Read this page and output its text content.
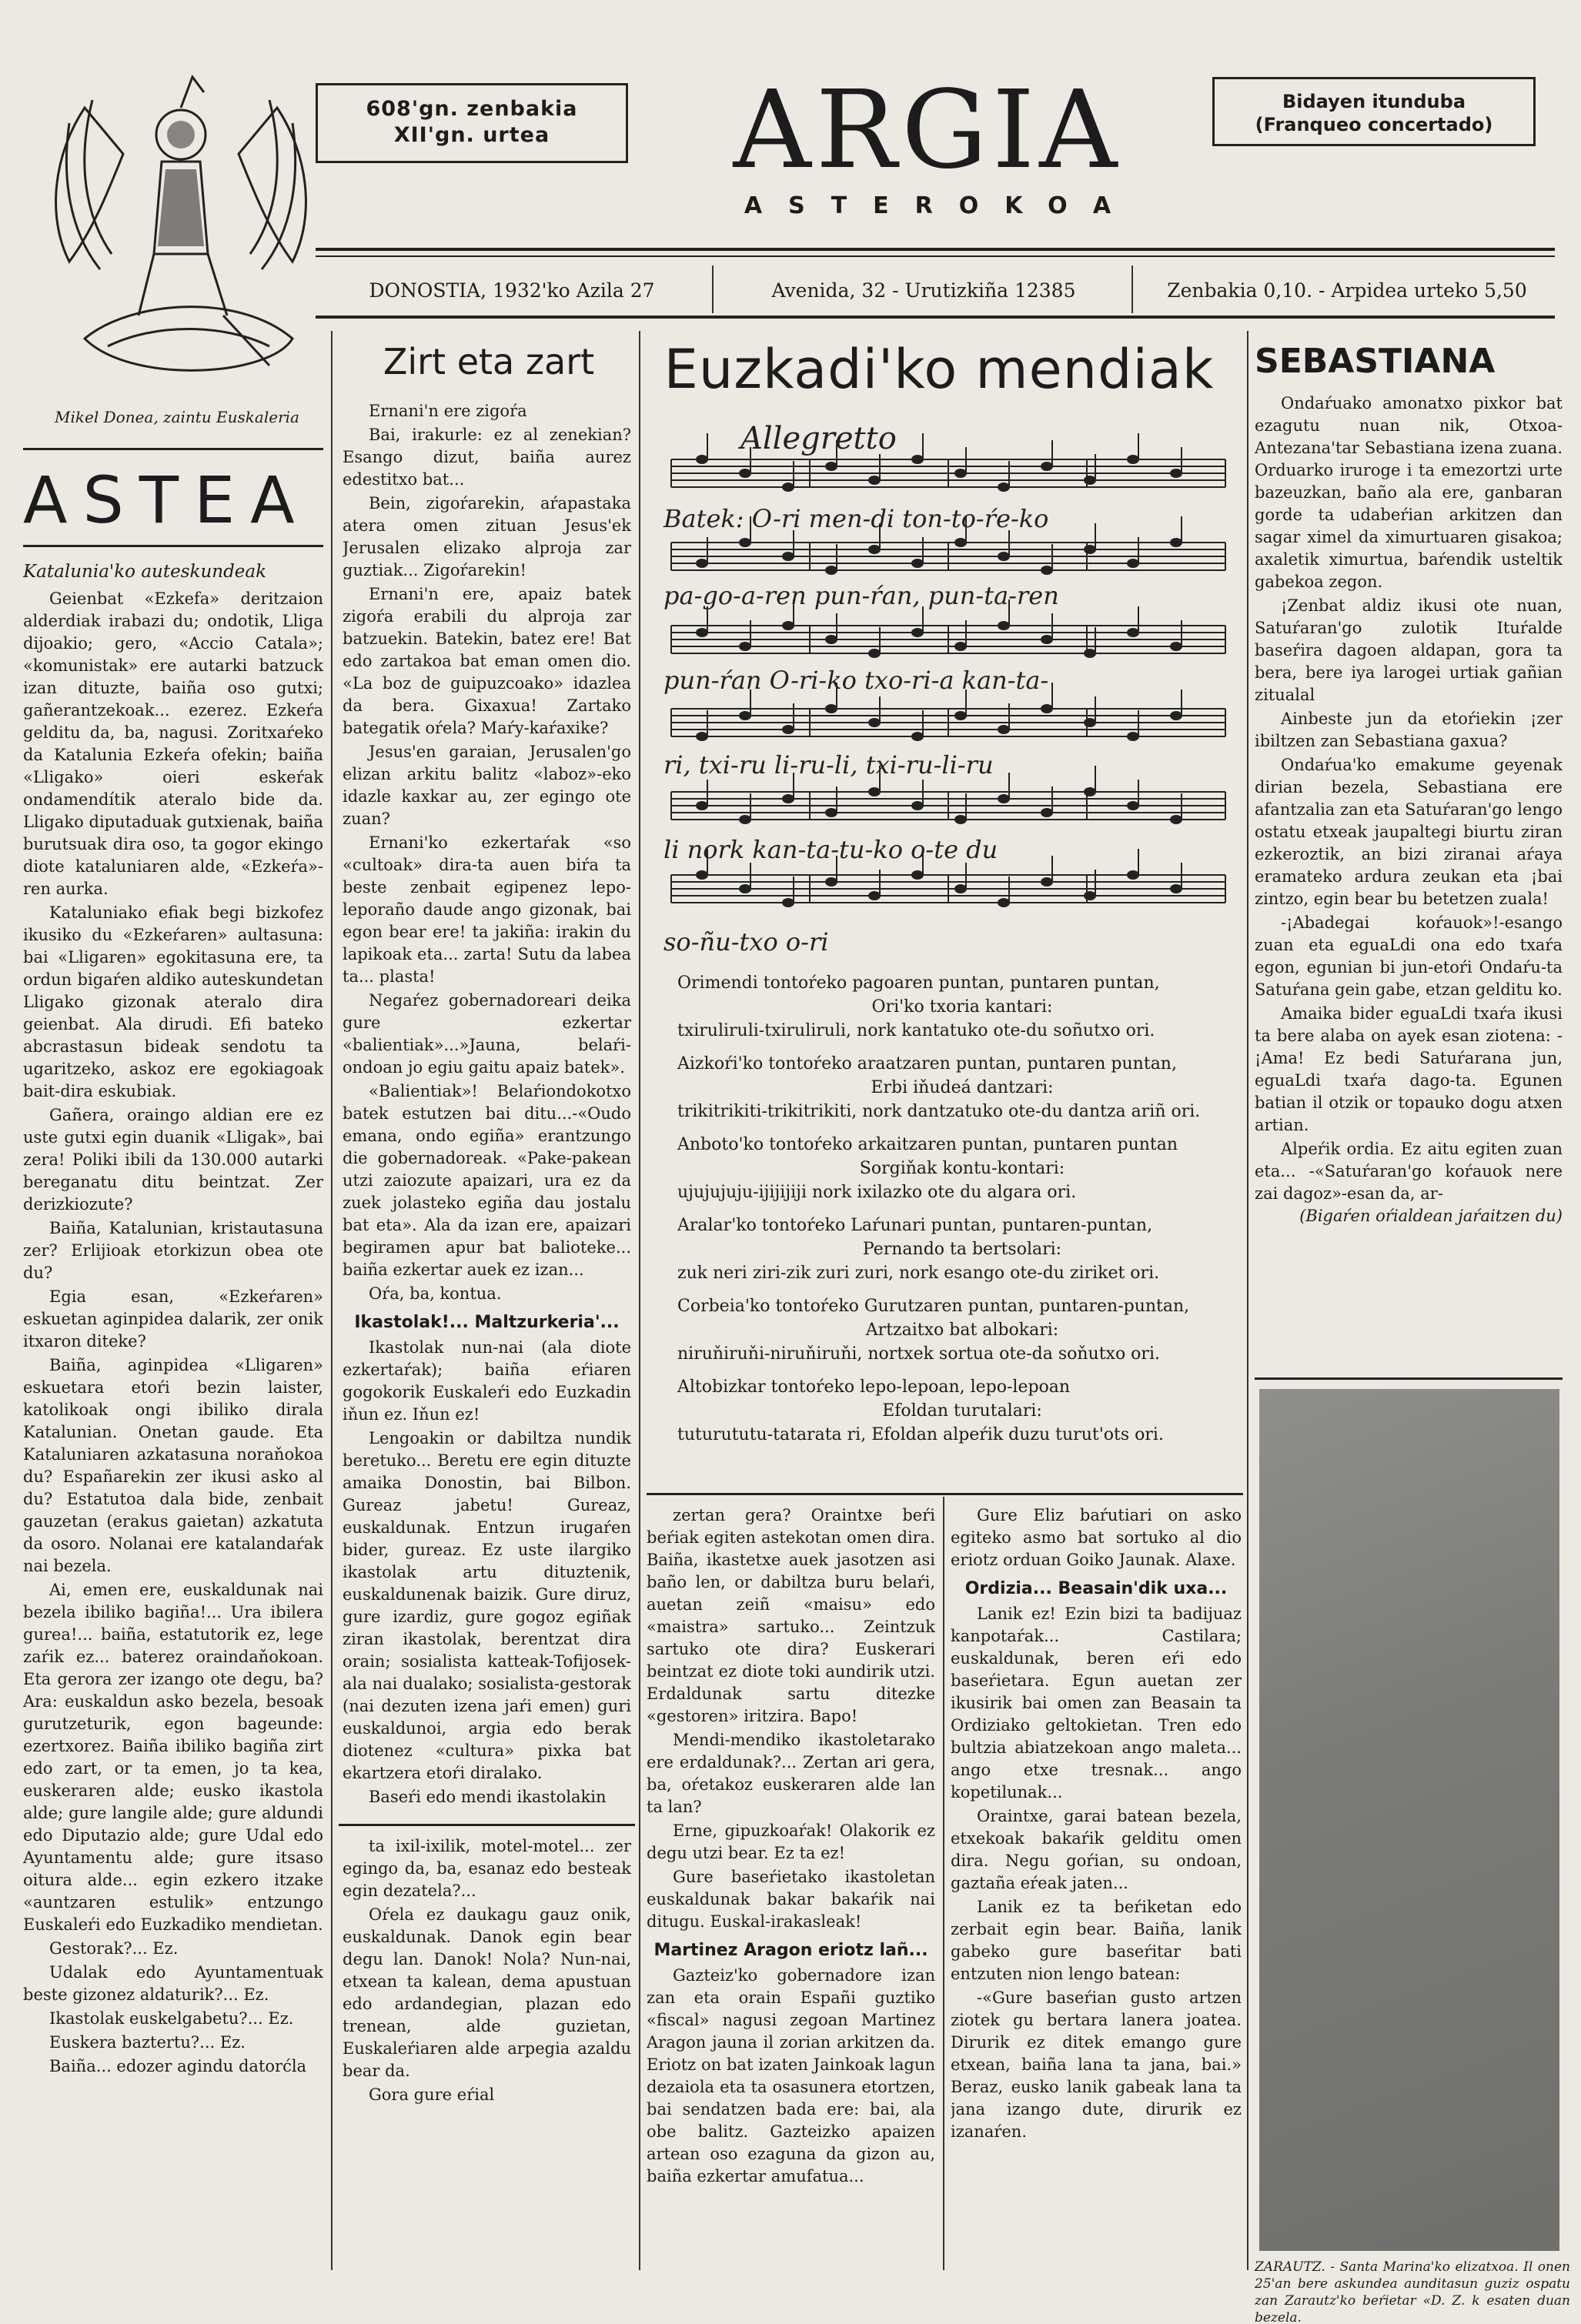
Mikel Donea, zaintu Euskaleria
608'gn. zenbakia
XII'gn. urtea	ARGIA
ASTEROKOA
Bidayen itunduba
(Franqueo concertado)
DONOSTIA, 1932'ko Azila 27	Avenida, 32 - Urutizkiña 12385	Zenbakia 0,10. - Arpidea urteko 5,50
ASTEA
Katalunia'ko auteskundeak
Geienbat «Ezkefa» deritzaion alderdiak irabazi du; ondotik, Lliga dijoakio; gero, «Accio Catala»; «komunistak» ere autarki batzuck izan dituzte, baiña oso gutxi; gañerantzekoak... ezerez. Ezkeŕa gelditu da, ba, nagusi. Zoritxaŕeko da Katalunia Ezkeŕa ofekin; baiña «Lligako» oieri eskeŕak ondamendítik ateralo bide da. Lligako diputaduak gutxienak, baiña burutsuak dira oso, ta gogor ekingo diote kataluniaren alde, «Ezkeŕa»-ren aurka.
Kataluniako efiak begi bizkofez ikusiko du «Ezkeŕaren» aultasuna: bai «Lligaren» egokitasuna ere, ta ordun bigaŕen aldiko auteskundetan Lligako gizonak ateralo dira geienbat. Ala dirudi. Efi bateko abcrastasun bideak sendotu ta ugaritzeko, askoz ere egokiagoak bait-dira eskubiak.
Gañera, oraingo aldian ere ez uste gutxi egin duanik «Lligak», bai zera! Poliki ibili da 130.000 autarki bereganatu ditu beintzat. Zer derizkiozute?
Baiña, Katalunian, kristautasuna zer? Erlijioak etorkizun obea ote du?
Egia esan, «Ezkeŕaren» eskuetan aginpidea dalarik, zer onik itxaron diteke?
Baiña, aginpidea «Lligaren» eskuetara etoŕi bezin laister, katolikoak ongi ibiliko dirala Katalunian. Onetan gaude. Eta Kataluniaren azkatasuna noraňokoa du? Españarekin zer ikusi asko al du? Estatutoa dala bide, zenbait gauzetan (erakus gaietan) azkatuta da osoro. Nolanai ere katalandaŕak nai bezela.
Ai, emen ere, euskaldunak nai bezela ibiliko bagiña!... Ura ibilera gurea!... baiña, estatutorik ez, lege zaŕik ez... baterez oraindaňokoan. Eta gerora zer izango ote degu, ba? Ara: euskaldun asko bezela, besoak gurutzeturik, egon bageunde: ezertxorez. Baiña ibiliko bagiña zirt edo zart, or ta emen, jo ta kea, euskeraren alde; eusko ikastola alde; gure langile alde; gure aldundi edo Diputazio alde; gure Udal edo Ayuntamentu alde; gure itsaso oitura alde... egin ezkero itzake «auntzaren estulik» entzungo Euskaleŕi edo Euzkadiko mendietan.
Gestorak?... Ez.
Udalak edo Ayuntamentuak beste gizonez aldaturik?... Ez.
Ikastolak euskelgabetu?... Ez.
Euskera baztertu?... Ez.
Baiña... edozer agindu datorćla
Zirt eta zart
Ernani'n ere zigoŕa
Bai, irakurle: ez al zenekian? Esango dizut, baiña aurez edestitxo bat...
Bein, zigoŕarekin, aŕapastaka atera omen zituan Jesus'ek Jerusalen elizako alproja zar guztiak... Zigoŕarekin!
Ernani'n ere, apaiz batek zigoŕa erabili du alproja zar batzuekin. Batekin, batez ere! Bat edo zartakoa bat eman omen dio. «La boz de guipuzcoako» idazlea da bera. Gixaxua! Zartako bategatik oŕela? Maŕy-kaŕaxike?
Jesus'en garaian, Jerusalen'go elizan arkitu balitz «laboz»-eko idazle kaxkar au, zer egingo ote zuan?
Ernani'ko ezkertaŕak «so «cultoak» dira-ta auen biŕa ta beste zenbait egipenez lepo-leporaño daude ango gizonak, bai egon bear ere! ta jakiña: irakin du lapikoak eta... zarta! Sutu da labea ta... plasta!
Negaŕez gobernadoreari deika gure ezkertar «balientiak»...»Jauna, belaŕi-ondoan jo egiu gaitu apaiz batek».
«Balientiak»! Belaŕiondokotxo batek estutzen bai ditu...-«Oudo emana, ondo egiña» erantzungo die gobernadoreak. «Pake-pakean utzi zaiozute apaizari, ura ez da zuek jolasteko egiña dau jostalu bat eta». Ala da izan ere, apaizari begiramen apur bat balioteke... baiña ezkertar auek ez izan...
Oŕa, ba, kontua.
Ikastolak!... Maltzurkeria'...
Ikastolak nun-nai (ala diote ezkertaŕak); baiña eŕiaren gogokorik Euskaleŕi edo Euzkadin iňun ez. Iňun ez!
Lengoakin or dabiltza nundik beretuko... Beretu ere egin dituzte amaika Donostin, bai Bilbon. Gureaz jabetu! Gureaz, euskaldunak. Entzun irugaŕen bider, gureaz. Ez uste ilargiko ikastolak artu dituztenik, euskaldunenak baizik. Gure diruz, gure izardiz, gure gogoz egiñak ziran ikastolak, berentzat dira orain; sosialista katteak-Tofijosek-ala nai dualako; sosialista-gestorak (nai dezuten izena jaŕi emen) guri euskaldunoi, argia edo berak diotenez «cultura» pixka bat ekartzera etoŕi diralako.
Baseŕi edo mendi ikastolakin
ta ixil-ixilik, motel-motel... zer egingo da, ba, esanaz edo besteak egin dezatela?...
Oŕela ez daukagu gauz onik, euskaldunak. Danok egin bear degu lan. Danok! Nola? Nun-nai, etxean ta kalean, dema apustuan edo ardandegian, plazan edo trenean, alde guzietan, Euskaleŕiaren alde arpegia azaldu bear da.
Gora gure eŕial
Euzkadi'ko mendiak
Allegretto
Batek: O-ri men-di ton-to-ŕe-ko
pa-go-a-ren pun-ŕan, pun-ta-ren
pun-ŕan O-ri-ko txo-ri-a kan-ta-
ri, txi-ru li-ru-li, txi-ru-li-ru
li nork kan-ta-tu-ko o-te du
so-ñu-txo o-ri
Orimendi tontoŕeko pagoaren puntan, puntaren puntan,
Ori'ko txoria kantari:
txiruliruli-txiruliruli, nork kantatuko ote-du soñutxo ori.
Aizkoŕi'ko tontoŕeko araatzaren puntan, puntaren puntan,
Erbi iňudeá dantzari:
trikitrikiti-trikitrikiti, nork dantzatuko ote-du dantza ariñ ori.
Anboto'ko tontoŕeko arkaitzaren puntan, puntaren puntan
Sorgiňak kontu-kontari:
ujujujuju-ijijijiji nork ixilazko ote du algara ori.
Aralar'ko tontoŕeko Laŕunari puntan, puntaren-puntan,
Pernando ta bertsolari:
zuk neri ziri-zik zuri zuri, nork esango ote-du ziriket ori.
Corbeia'ko tontoŕeko Gurutzaren puntan, puntaren-puntan,
Artzaitxo bat albokari:
niruňiruňi-niruňiruňi, nortxek sortua ote-da soňutxo ori.
Altobizkar tontoŕeko lepo-lepoan, lepo-lepoan
Efoldan turutalari:
tuturututu-tatarata ri, Efoldan alpeŕik duzu turut'ots ori.
zertan gera? Oraintxe beŕi beŕiak egiten astekotan omen dira. Baiña, ikastetxe auek jasotzen asi baño len, or dabiltza buru belaŕi, auetan zeiñ «maisu» edo «maistra» sartuko... Zeintzuk sartuko ote dira? Euskerari beintzat ez diote toki aundirik utzi. Erdaldunak sartu ditezke «gestoren» iritzira. Bapo!
Mendi-mendiko ikastoletarako ere erdaldunak?... Zertan ari gera, ba, oŕetakoz euskeraren alde lan ta lan?
Erne, gipuzkoaŕak! Olakorik ez degu utzi bear. Ez ta ez!
Gure baseŕietako ikastoletan euskaldunak bakar bakaŕik nai ditugu. Euskal-irakasleak!
Martinez Aragon eriotz lañ...
Gazteiz'ko gobernadore izan zan eta orain Españi guztiko «fiscal» nagusi zegoan Martinez Aragon jauna il zorian arkitzen da. Eriotz on bat izaten Jainkoak lagun dezaiola eta ta osasunera etortzen, bai sendatzen bada ere: bai, ala obe balitz. Gazteizko apaizen artean oso ezaguna da gizon au, baiña ezkertar amufatua...
Gure Eliz baŕutiari on asko egiteko asmo bat sortuko al dio eriotz orduan Goiko Jaunak. Alaxe.
Ordizia... Beasain'dik uxa...
Lanik ez! Ezin bizi ta badijuaz kanpotaŕak... Castilara; euskaldunak, beren eŕi edo baseŕietara. Egun auetan zer ikusirik bai omen zan Beasain ta Ordiziako geltokietan. Tren edo bultzia abiatzekoan ango maleta... ango etxe tresnak... ango kopetilunak...
Oraintxe, garai batean bezela, etxekoak bakaŕik gelditu omen dira. Negu goŕian, su ondoan, gaztaña eŕeak jaten...
Lanik ez ta beŕiketan edo zerbait egin bear. Baiña, lanik gabeko gure baseŕitar bati entzuten nion lengo batean:
-«Gure baseŕian gusto artzen ziotek gu bertara lanera joatea. Dirurik ez ditek emango gure etxean, baiña lana ta jana, bai.» Beraz, eusko lanik gabeak lana ta jana izango dute, dirurik ez izanaŕen.
SEBASTIANA
Ondaŕuako amonatxo pixkor bat ezagutu nuan nik, Otxoa-Antezana'tar Sebastiana izena zuana. Orduarko iruroge i ta emezortzi urte bazeuzkan, baño ala ere, ganbaran gorde ta udabeŕian arkitzen dan sagar ximel da ximurtuaren gisakoa; axaletik ximurtua, baŕendik usteltik gabekoa zegon.
¡Zenbat aldiz ikusi ote nuan, Satuŕaran'go zulotik Ituŕalde baseŕira dagoen aldapan, gora ta bera, bere iya larogei urtiak gañian zitualal
Ainbeste jun da etoŕiekin ¡zer ibiltzen zan Sebastiana gaxua?
Ondaŕua'ko emakume geyenak dirian bezela, Sebastiana ere afantzalia zan eta Satuŕaran'go lengo ostatu etxeak jaupaltegi biurtu ziran ezkeroztik, an bizi ziranai aŕaya eramateko ardura zeukan eta ¡bai zintzo, egin bear bu betetzen zuala!
-¡Abadegai koŕauok»!-esango zuan eta eguaLdi ona edo txaŕa egon, egunian bi jun-etoŕi Ondaŕu-ta Satuŕana gein gabe, etzan gelditu ko.
Amaika bider eguaLdi txaŕa ikusi ta bere alaba on ayek esan ziotena: -¡Ama! Ez bedi Satuŕarana jun, eguaLdi txaŕa dago-ta. Egunen batian il otzik or topauko dogu atxen artian.
Alpeŕik ordia. Ez aitu egiten zuan eta... -«Satuŕaran'go koŕauok nere zai dagoz»-esan da, ar-
(Bigaŕen oŕialdean jaŕaitzen du)
ZARAUTZ. - Santa Marina'ko elizatxoa. Il onen 25'an bere askundea aunditasun guziz ospatu zan Zarautz'ko beŕietar «D. Z. k esaten duan bezela.
